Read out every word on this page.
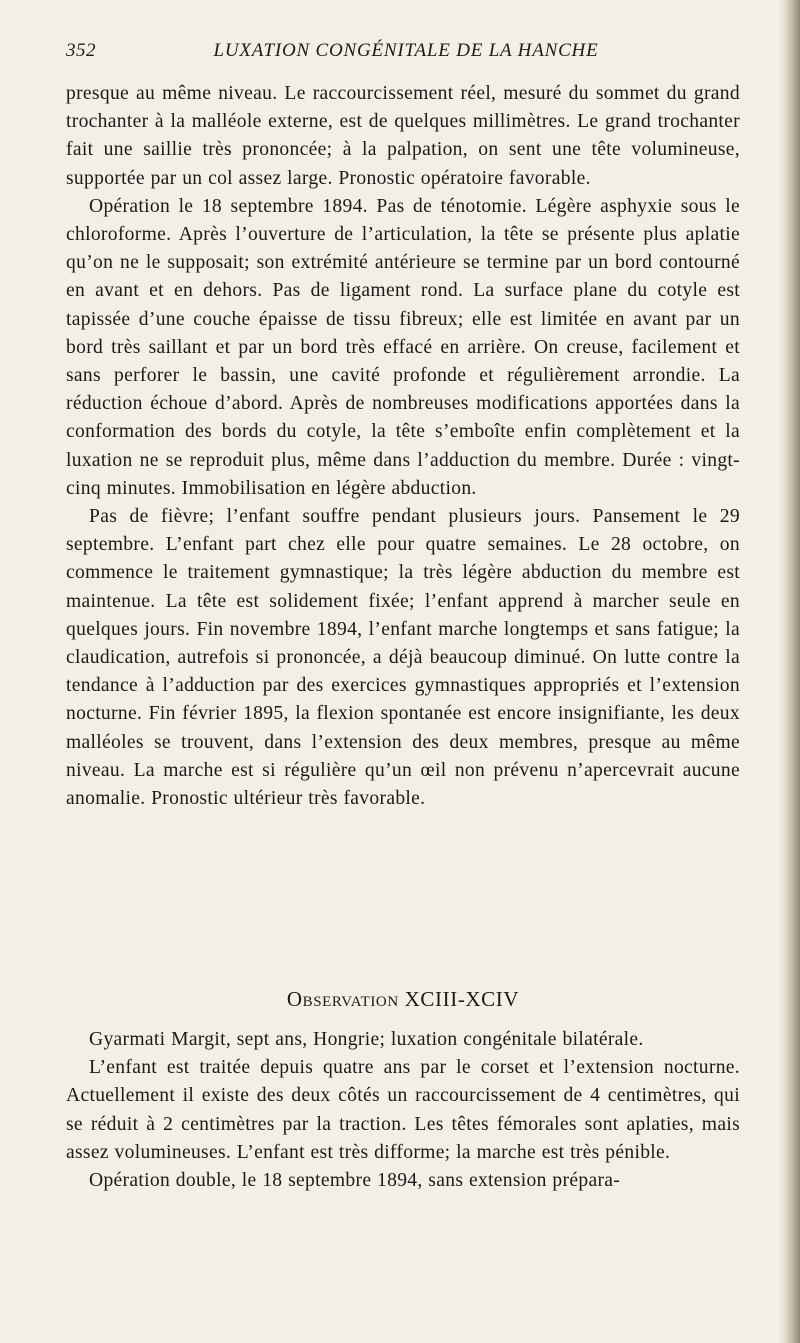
352	LUXATION CONGÉNITALE DE LA HANCHE

presque au même niveau. Le raccourcissement réel, mesuré du sommet du grand trochanter à la malléole externe, est de quelques millimètres. Le grand trochanter fait une saillie très prononcée; à la palpation, on sent une tête volumineuse, supportée par un col assez large. Pronostic opératoire favorable.

Opération le 18 septembre 1894. Pas de ténotomie. Légère asphyxie sous le chloroforme. Après l’ouverture de l’articulation, la tête se présente plus aplatie qu’on ne le supposait; son extrémité antérieure se termine par un bord contourné en avant et en dehors. Pas de ligament rond. La surface plane du cotyle est tapissée d’une couche épaisse de tissu fibreux; elle est limitée en avant par un bord très saillant et par un bord très effacé en arrière. On creuse, facilement et sans perforer le bassin, une cavité profonde et régulièrement arrondie. La réduction échoue d’abord. Après de nombreuses modifications apportées dans la conformation des bords du cotyle, la tête s’emboîte enfin complètement et la luxation ne se reproduit plus, même dans l’adduction du membre. Durée : vingt-cinq minutes. Immobilisation en légère abduction.

Pas de fièvre; l’enfant souffre pendant plusieurs jours. Pansement le 29 septembre. L’enfant part chez elle pour quatre semaines. Le 28 octobre, on commence le traitement gymnastique; la très légère abduction du membre est maintenue. La tête est solidement fixée; l’enfant apprend à marcher seule en quelques jours. Fin novembre 1894, l’enfant marche longtemps et sans fatigue; la claudication, autrefois si prononcée, a déjà beaucoup diminué. On lutte contre la tendance à l’adduction par des exercices gymnastiques appropriés et l’extension nocturne. Fin février 1895, la flexion spontanée est encore insignifiante, les deux malléoles se trouvent, dans l’extension des deux membres, presque au même niveau. La marche est si régulière qu’un œil non prévenu n’apercevrait aucune anomalie. Pronostic ultérieur très favorable.

Observation XCIII-XCIV

Gyarmati Margit, sept ans, Hongrie; luxation congénitale bilatérale.

L’enfant est traitée depuis quatre ans par le corset et l’extension nocturne. Actuellement il existe des deux côtés un raccourcissement de 4 centimètres, qui se réduit à 2 centimètres par la traction. Les têtes fémorales sont aplaties, mais assez volumineuses. L’enfant est très difforme; la marche est très pénible.

Opération double, le 18 septembre 1894, sans extension prépara-
